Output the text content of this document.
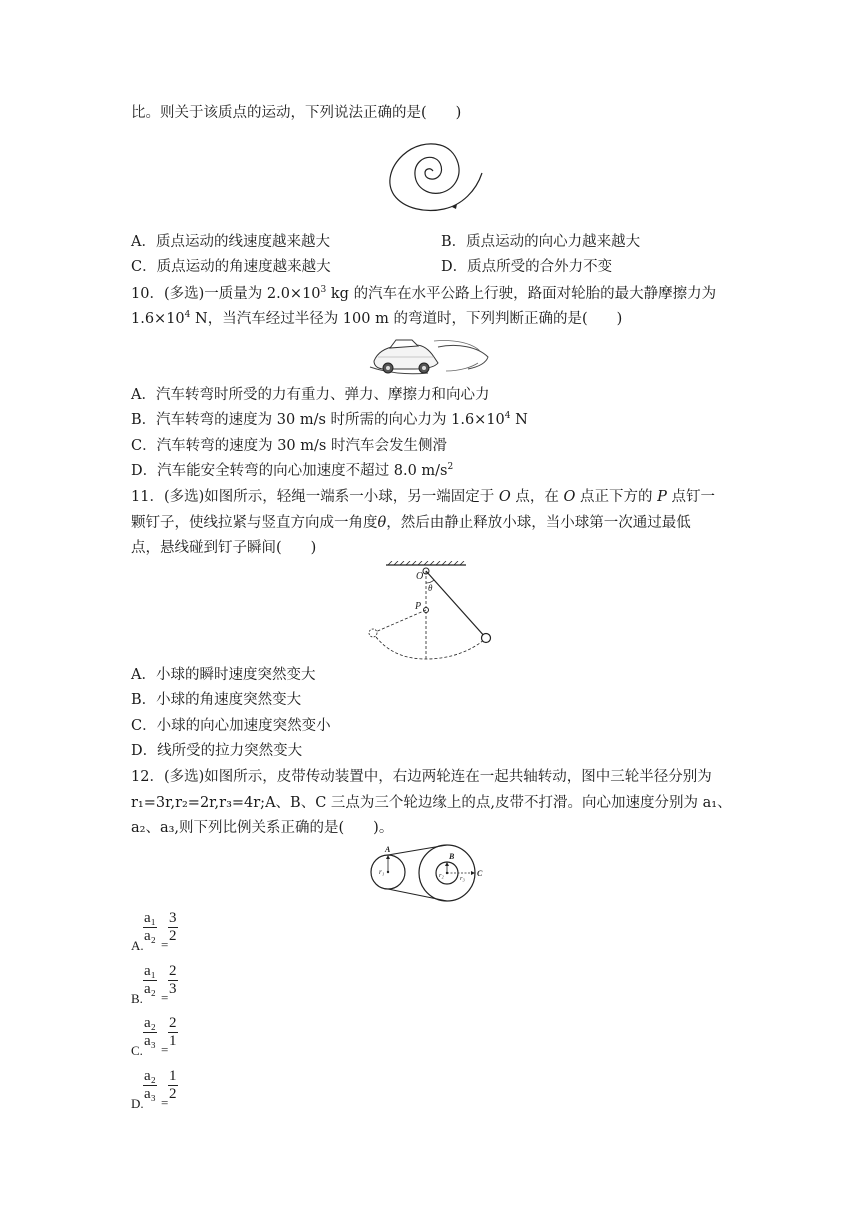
比。则关于该质点的运动，下列说法正确的是(　　)
A．质点运动的线速度越来越大	B．质点运动的向心力越来越大
C．质点运动的角速度越来越大	D．质点所受的合外力不变
10．(多选)一质量为 $2.0\times 10^3$ kg 的汽车在水平公路上行驶，路面对轮胎的最大静摩擦力为
$1.6\times 10^4$ N，当汽车经过半径为 100 m 的弯道时，下列判断正确的是(　　)
A．汽车转弯时所受的力有重力、弹力、摩擦力和向心力
B．汽车转弯的速度为 30 m/s 时所需的向心力为 $1.6\times 10^4$ N
C．汽车转弯的速度为 30 m/s 时汽车会发生侧滑
D．汽车能安全转弯的向心加速度不超过 8.0 $m/s^2$
11．(多选)如图所示，轻绳一端系一小球，另一端固定于 O 点，在 O 点正下方的 P 点钉一
颗钉子，使线拉紧与竖直方向成一角度θ，然后由静止释放小球，当小球第一次通过最低
点，悬线碰到钉子瞬间(　　)
O
θ
P
A．小球的瞬时速度突然变大
B．小球的角速度突然变大
C．小球的向心加速度突然变小
D．线所受的拉力突然变大
12．(多选)如图所示，皮带传动装置中，右边两轮连在一起共轴转动，图中三轮半径分别为
r₁=3r,r₂=2r,r₃=4r;A、B、C 三点为三个轮边缘上的点,皮带不打滑。向心加速度分别为 a₁、
a₂、a₃,则下列比例关系正确的是(　　)。
A
B
C
r₁	r₂ r₃
$\frac{\text{a₁}}{\text{a₂}} \frac{3}{2}$
A. =
$\frac{\text{a₁}}{\text{a₂}} \frac{2}{3}$
B. =
$\frac{\text{a₂}}{\text{a₃}} \frac{2}{1}$
C. =
$\frac{\text{a₂}}{\text{a₃}} \frac{1}{2}$
D. =
